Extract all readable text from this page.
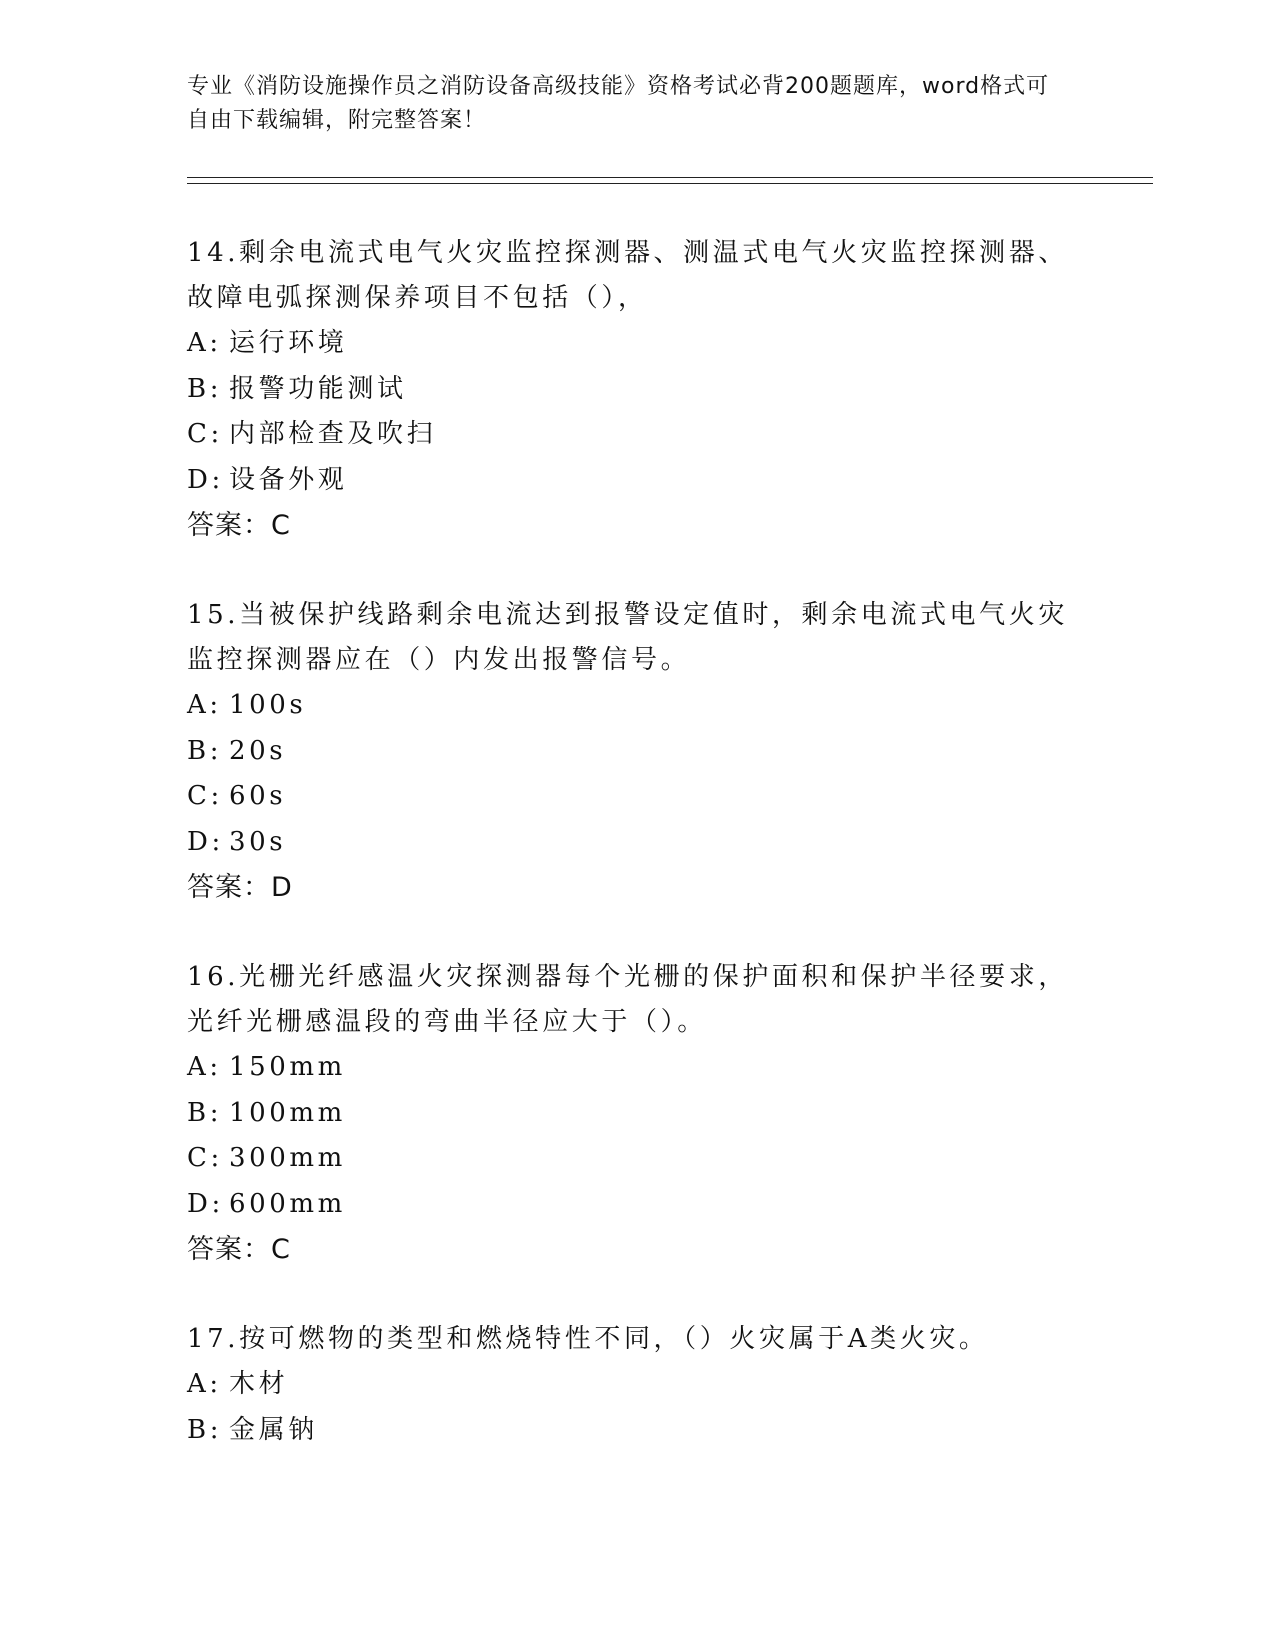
专业《消防设施操作员之消防设备高级技能》资格考试必背200题题库，word格式可自由下载编辑，附完整答案！

14.剩余电流式电气火灾监控探测器、测温式电气火灾监控探测器、故障电弧探测保养项目不包括（），

A: 运行环境
B: 报警功能测试
C: 内部检查及吹扫
D: 设备外观

答案：C

15.当被保护线路剩余电流达到报警设定值时，剩余电流式电气火灾监控探测器应在（）内发出报警信号。

A: 100s
B: 20s
C: 60s
D: 30s

答案：D

16.光栅光纤感温火灾探测器每个光栅的保护面积和保护半径要求，光纤光栅感温段的弯曲半径应大于（）。

A: 150mm
B: 100mm
C: 300mm
D: 600mm

答案：C

17.按可燃物的类型和燃烧特性不同，（）火灾属于A类火灾。

A: 木材
B: 金属钠
